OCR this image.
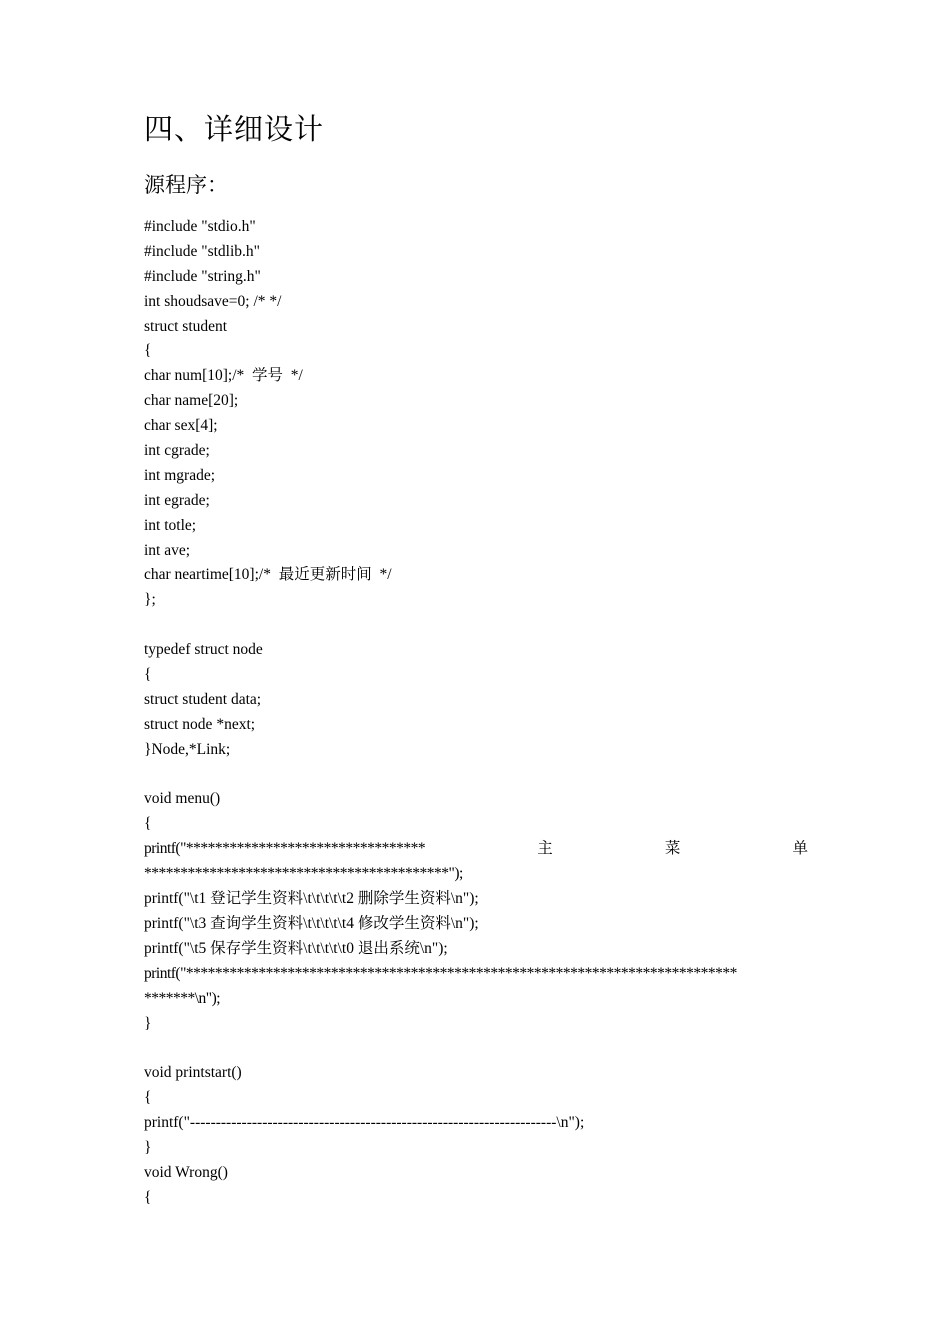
四、详细设计
源程序：
#include "stdio.h"
#include "stdlib.h"
#include "string.h"
int shoudsave=0; /* */
struct student
{
char num[10];/*  学号  */
char name[20];
char sex[4];
int cgrade;
int mgrade;
int egrade;
int totle;
int ave;
char neartime[10];/*  最近更新时间  */
};
typedef struct node
{
struct student data;
struct node *next;
}Node,*Link;
void menu()
{
printf("*********************************	主	菜	单
******************************************");
printf("\t1 登记学生资料\t\t\t\t\t2 删除学生资料\n");
printf("\t3 查询学生资料\t\t\t\t\t4 修改学生资料\n");
printf("\t5 保存学生资料\t\t\t\t\t0 退出系统\n");
printf("****************************************************************************
*******\n");
}
void printstart()
{
printf("-----------------------------------------------------------------------\n");
}
void Wrong()
{
